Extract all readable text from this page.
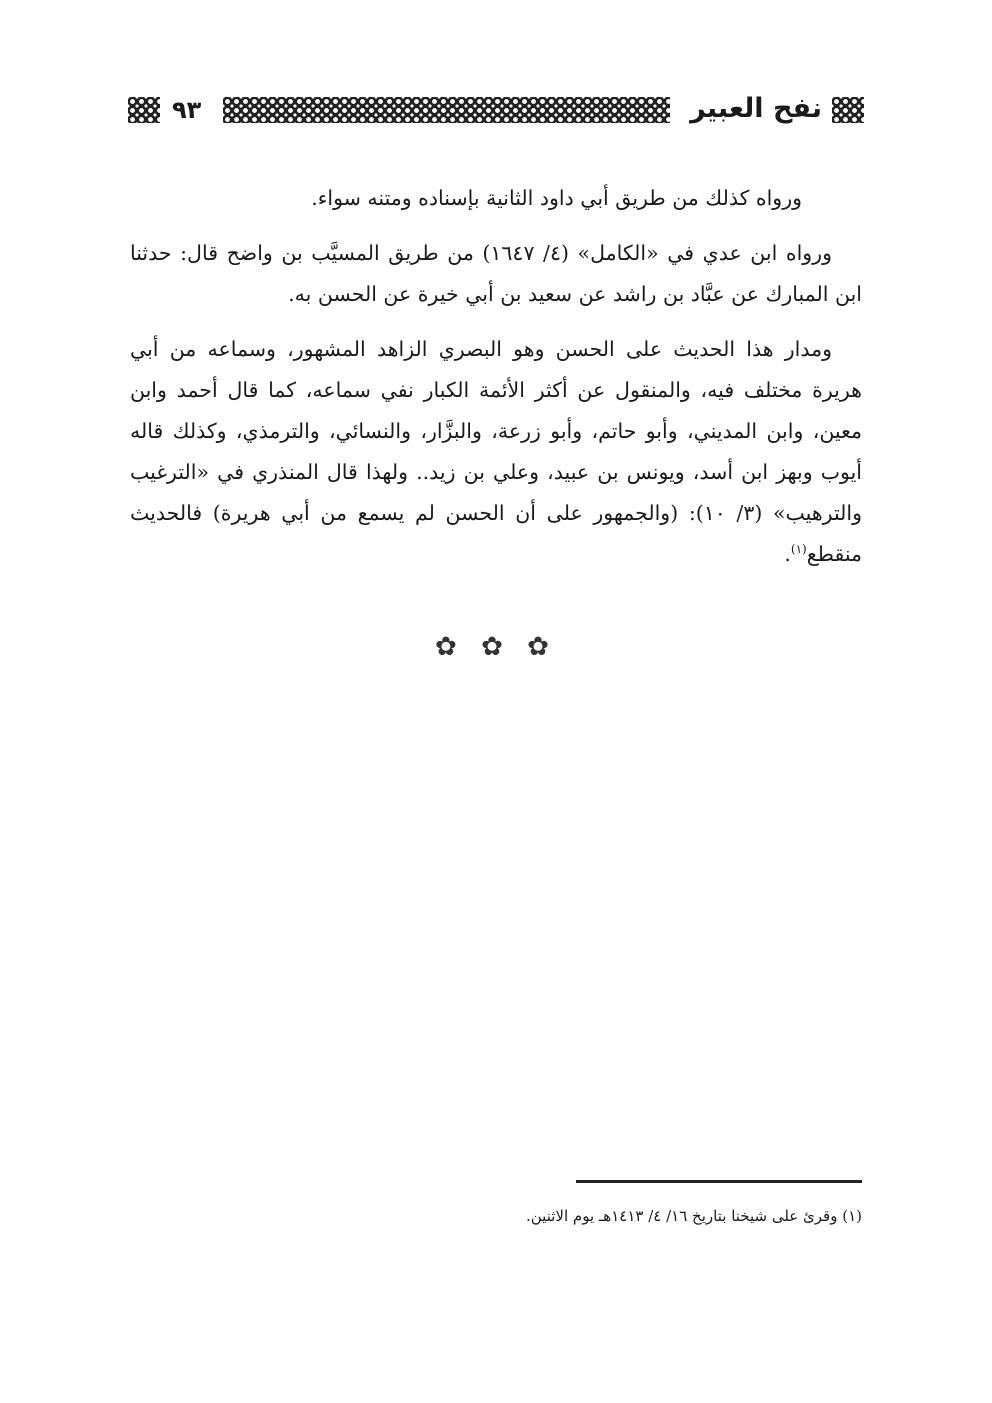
نفح العبير
٩٣

ورواه كذلك من طريق أبي داود الثانية بإسناده ومتنه سواء.

ورواه ابن عدي في «الكامل» (٤/ ١٦٤٧) من طريق المسيَّب بن واضح قال: حدثنا ابن المبارك عن عبَّاد بن راشد عن سعيد بن أبي خيرة عن الحسن به.

ومدار هذا الحديث على الحسن وهو البصري الزاهد المشهور، وسماعه من أبي هريرة مختلف فيه، والمنقول عن أكثر الأئمة الكبار نفي سماعه، كما قال أحمد وابن معين، وابن المديني، وأبو حاتم، وأبو زرعة، والبزَّار، والنسائي، والترمذي، وكذلك قاله أيوب وبهز ابن أسد، ويونس بن عبيد، وعلي بن زيد.. ولهذا قال المنذري في «الترغيب والترهيب» (٣/ ١٠): (والجمهور على أن الحسن لم يسمع من أبي هريرة) فالحديث منقطع$^{(١)}$.

✿ ✿ ✿
(١) وقرئ على شيخنا بتاريخ ١٦/ ٤/ ١٤١٣هـ يوم الاثنين.
